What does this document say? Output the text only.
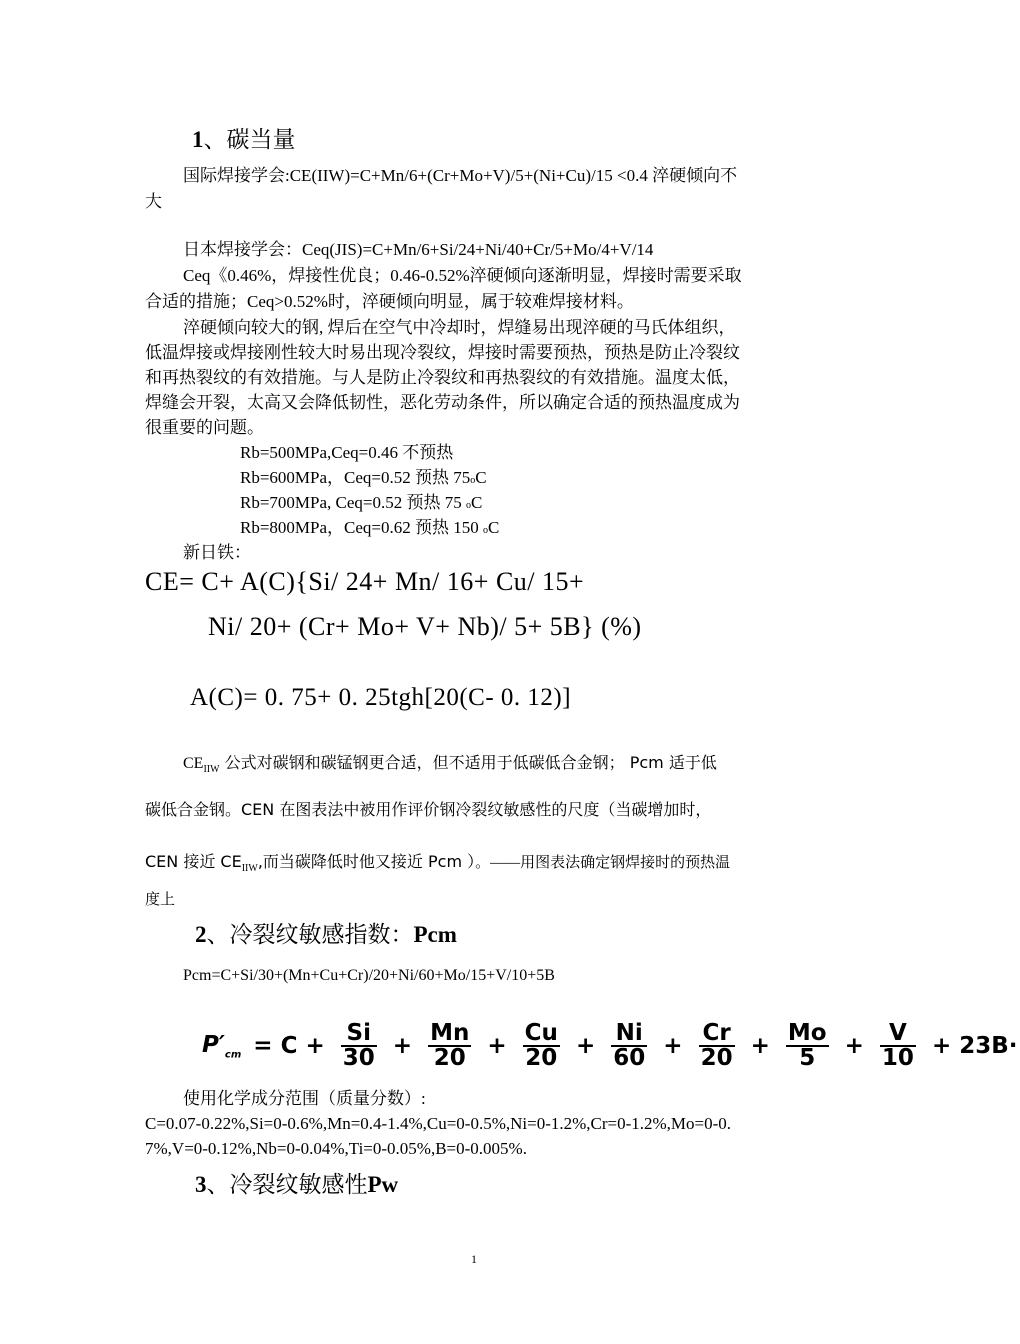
1、碳当量
国际焊接学会:CE(IIW)=C+Mn/6+(Cr+Mo+V)/5+(Ni+Cu)/15 <0.4 淬硬倾向不
大
日本焊接学会：Ceq(JIS)=C+Mn/6+Si/24+Ni/40+Cr/5+Mo/4+V/14
Ceq《0.46%，焊接性优良；0.46-0.52%淬硬倾向逐渐明显，焊接时需要采取
合适的措施；Ceq>0.52%时，淬硬倾向明显，属于较难焊接材料。
淬硬倾向较大的钢, 焊后在空气中冷却时，焊缝易出现淬硬的马氏体组织，
低温焊接或焊接刚性较大时易出现冷裂纹，焊接时需要预热，预热是防止冷裂纹
和再热裂纹的有效措施。与人是防止冷裂纹和再热裂纹的有效措施。温度太低，
焊缝会开裂，太高又会降低韧性，恶化劳动条件，所以确定合适的预热温度成为
很重要的问题。
Rb=500MPa,Ceq=0.46 不预热
Rb=600MPa，Ceq=0.52 预热 75oC
Rb=700MPa, Ceq=0.52 预热 75 oC
Rb=800MPa，Ceq=0.62 预热 150 oC
新日铁：
CE= C+ A(C){Si/ 24+ Mn/ 16+ Cu/ 15+
Ni/ 20+ (Cr+ Mo+ V+ Nb)/ 5+ 5B} (%)
A(C)= 0. 75+ 0. 25tgh[20(C- 0. 12)]
$CE_{IIW}$ 公式对碳钢和碳锰钢更合适，但不适用于低碳低合金钢； Pcm 适于低
碳低合金钢。CEN 在图表法中被用作评价钢冷裂纹敏感性的尺度（当碳增加时，
CEN 接近 $CE_{IIW}$,而当碳降低时他又接近 Pcm ）。——用图表法确定钢焊接时的预热温
度上
2、冷裂纹敏感指数：Pcm
Pcm=C+Si/30+(Mn+Cu+Cr)/20+Ni/60+Mo/15+V/10+5B
$P'_{cm} = C + \frac{Si}{30} + \frac{Mn}{20} + \frac{Cu}{20} + \frac{Ni}{60} + \frac{Cr}{20} + \frac{Mo}{5} + \frac{V}{10} + 23B\cdot$
使用化学成分范围（质量分数）:
C=0.07-0.22%,Si=0-0.6%,Mn=0.4-1.4%,Cu=0-0.5%,Ni=0-1.2%,Cr=0-1.2%,Mo=0-0.
7%,V=0-0.12%,Nb=0-0.04%,Ti=0-0.05%,B=0-0.005%.
3、冷裂纹敏感性Pw
1
